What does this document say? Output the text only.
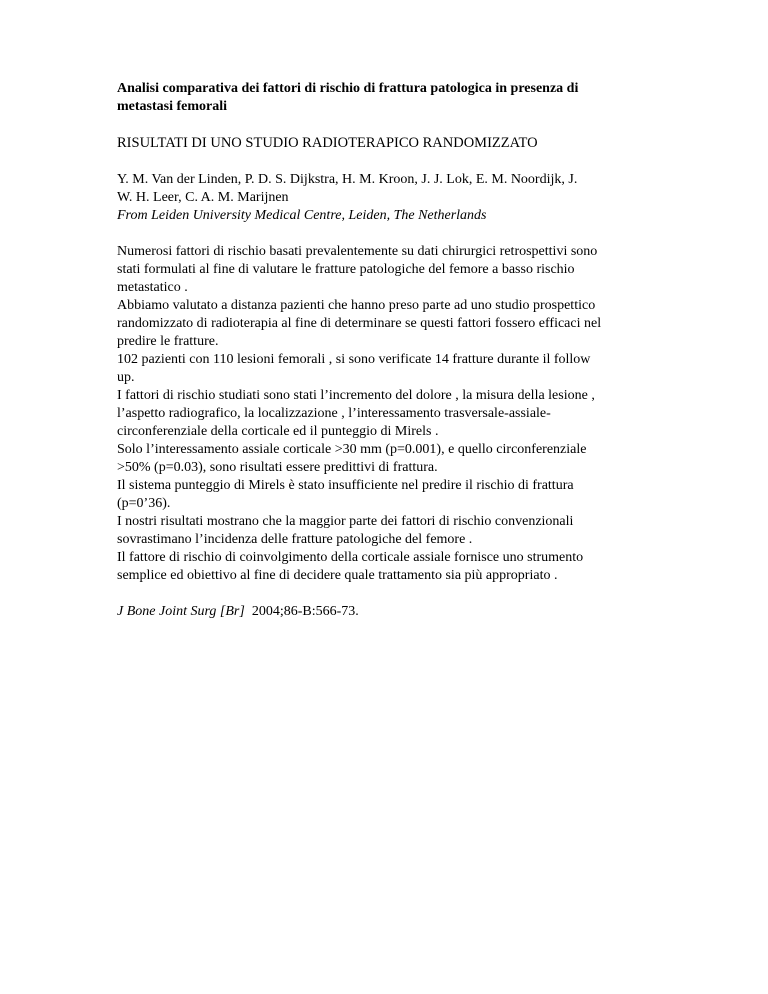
Analisi comparativa dei fattori di rischio di frattura patologica in presenza di
metastasi femorali

RISULTATI DI UNO STUDIO RADIOTERAPICO RANDOMIZZATO

Y. M. Van der Linden, P. D. S. Dijkstra, H. M. Kroon, J. J. Lok, E. M. Noordijk, J.
W. H. Leer, C. A. M. Marijnen

From Leiden University Medical Centre, Leiden, The Netherlands

Numerosi fattori di rischio basati prevalentemente su dati chirurgici retrospettivi sono
stati formulati al fine di valutare le fratture patologiche del femore a basso rischio
metastatico .
Abbiamo valutato a distanza pazienti che hanno preso parte ad uno studio prospettico
randomizzato di radioterapia al fine di determinare se questi fattori fossero efficaci nel
predire le fratture.
102 pazienti con 110 lesioni femorali , si sono verificate 14 fratture durante il follow
up.
I fattori di rischio studiati sono stati l’incremento del dolore , la misura della lesione ,
l’aspetto radiografico, la localizzazione , l’interessamento trasversale-assiale-
circonferenziale della corticale ed il punteggio di Mirels .
Solo l’interessamento assiale corticale >30 mm (p=0.001), e quello circonferenziale
>50% (p=0.03), sono risultati essere predittivi di frattura.
Il sistema punteggio di Mirels è stato insufficiente nel predire il rischio di frattura
(p=0’36).
I nostri risultati mostrano che la maggior parte dei fattori di rischio convenzionali
sovrastimano l’incidenza delle fratture patologiche del femore .
Il fattore di rischio di coinvolgimento della corticale assiale fornisce uno strumento
semplice ed obiettivo al fine di decidere quale trattamento sia più appropriato .

J Bone Joint Surg [Br] 2004;86-B:566-73.
